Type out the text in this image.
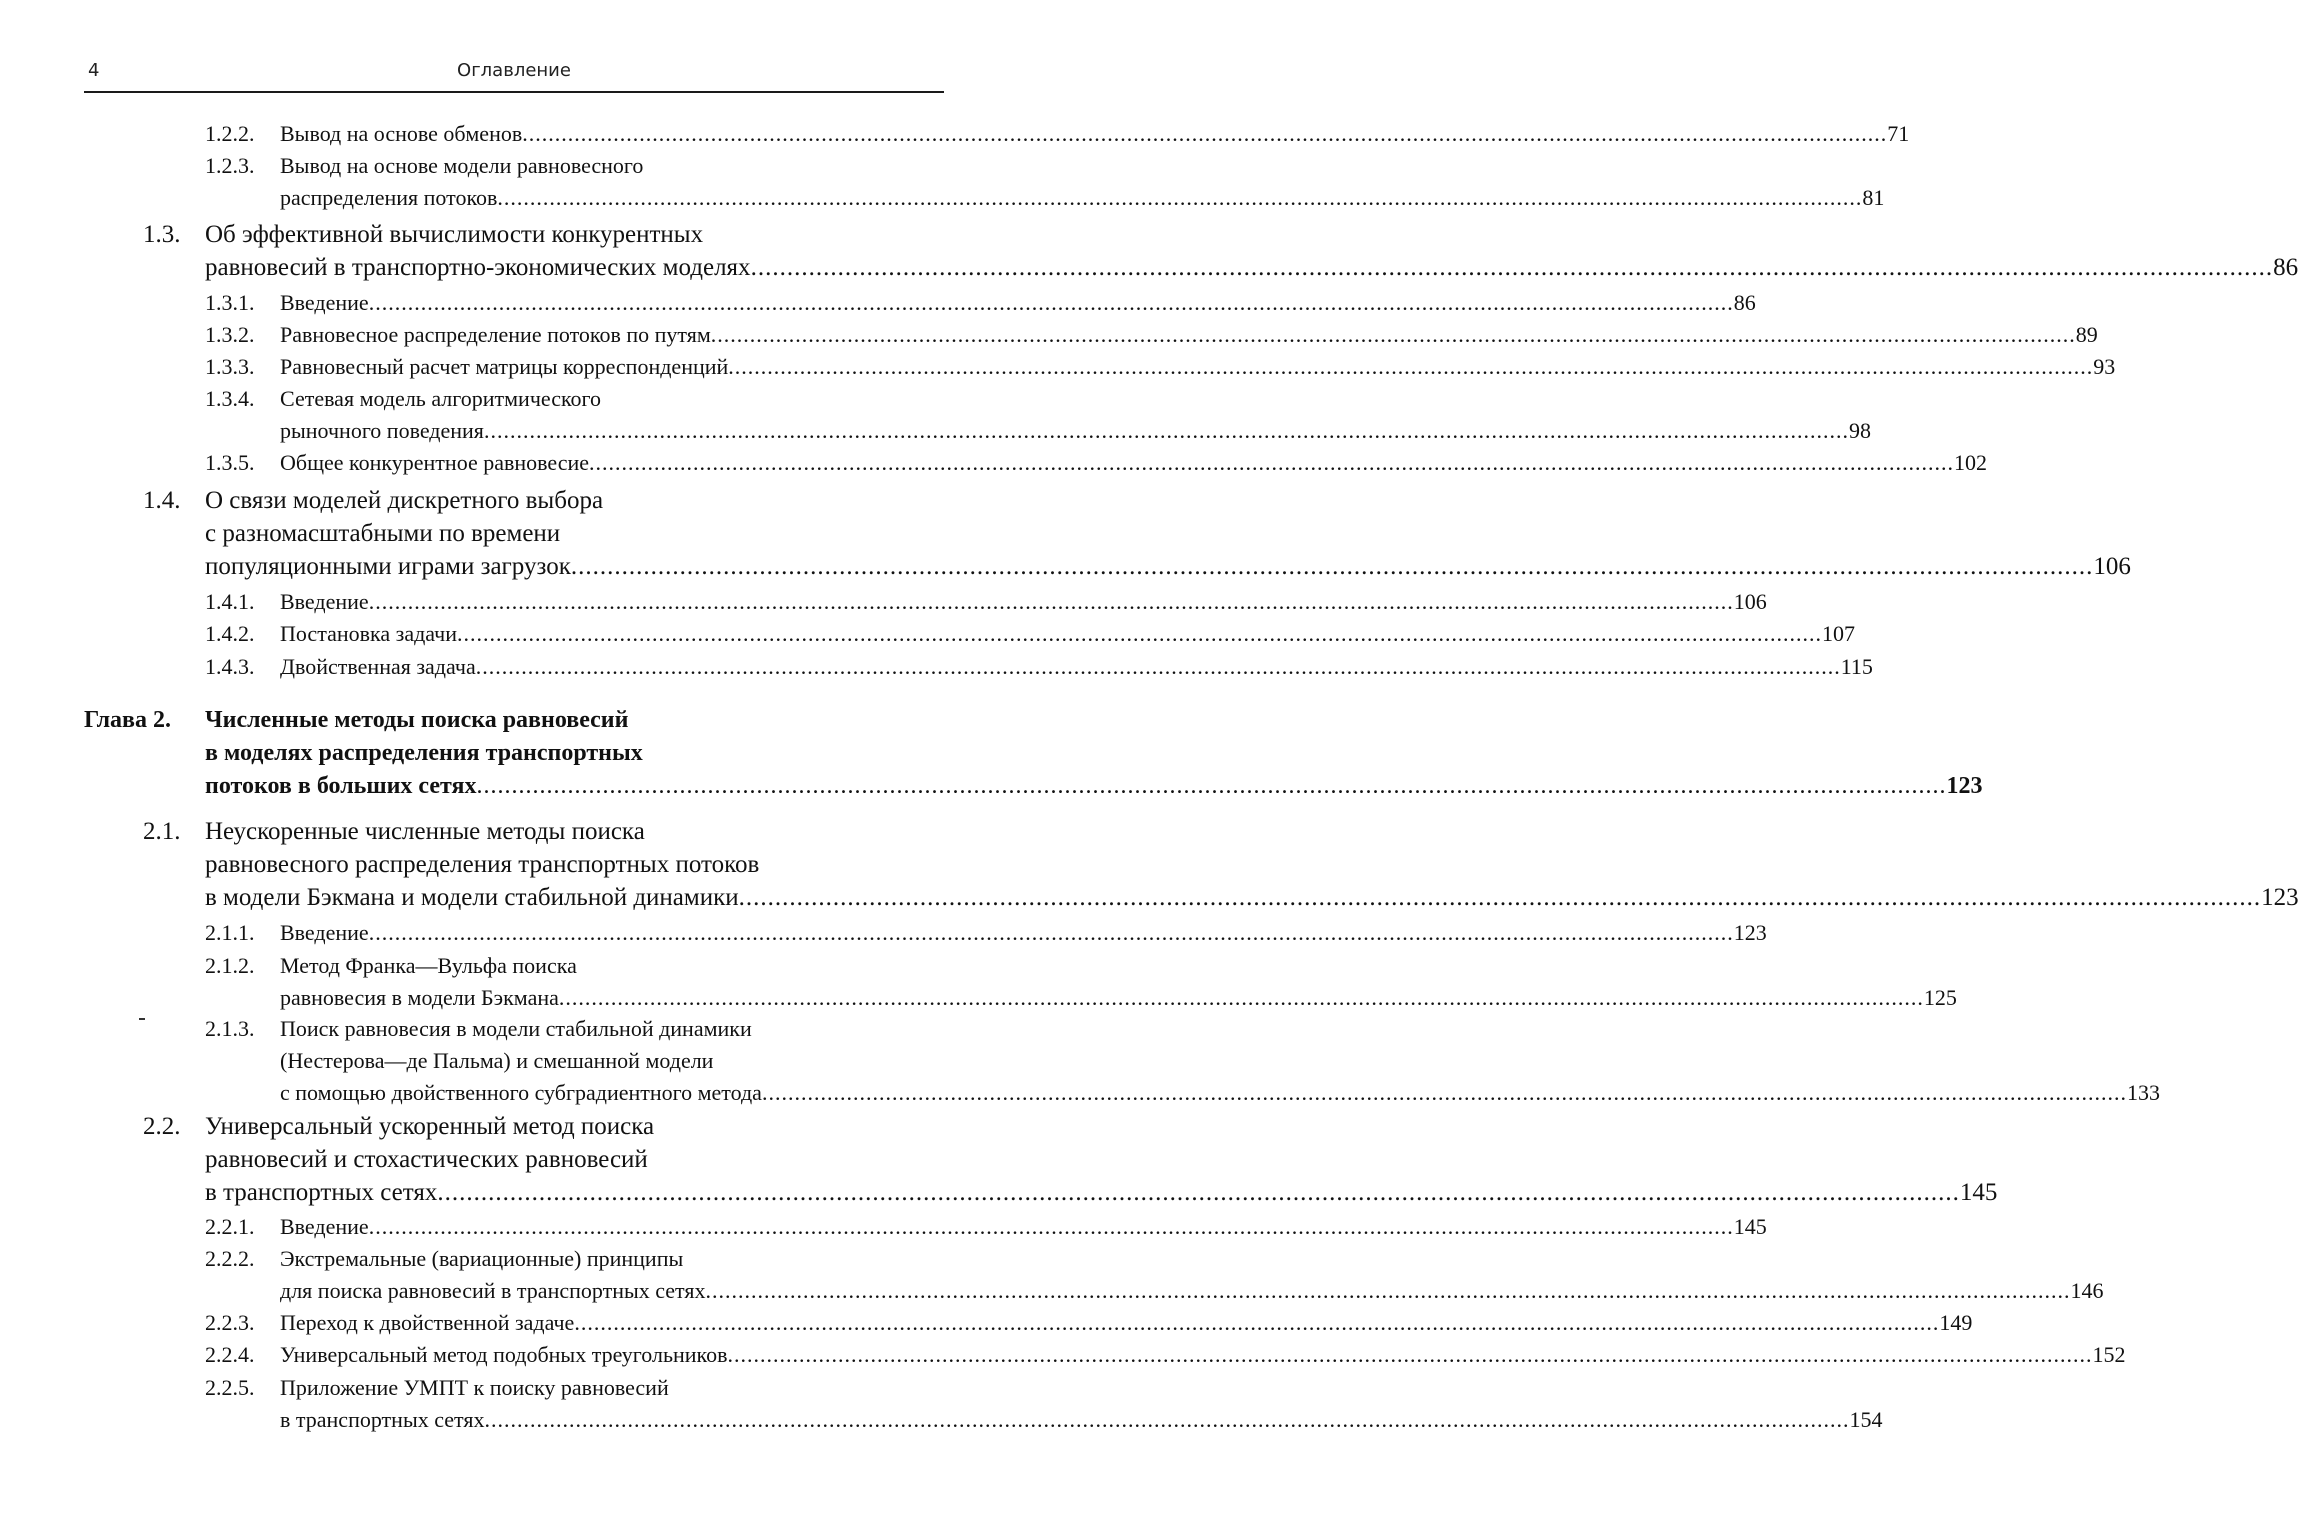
4	Оглавление
1.2.2. Вывод на основе обменов .................................................................................................................................................................................................................. 71
1.2.3. Вывод на основе модели равновесного
распределения потоков .................................................................................................................................................................................................................. 81
1.3. Об эффективной вычислимости конкурентных
равновесий в транспортно-экономических моделях .................................................................................................................................................................................................................. 86
1.3.1. Введение .................................................................................................................................................................................................................. 86
1.3.2. Равновесное распределение потоков по путям .................................................................................................................................................................................................................. 89
1.3.3. Равновесный расчет матрицы корреспонденций .................................................................................................................................................................................................................. 93
1.3.4. Сетевая модель алгоритмического
рыночного поведения .................................................................................................................................................................................................................. 98
1.3.5. Общее конкурентное равновесие .................................................................................................................................................................................................................. 102
1.4. О связи моделей дискретного выбора
с разномасштабными по времени
популяционными играми загрузок .................................................................................................................................................................................................................. 106
1.4.1. Введение .................................................................................................................................................................................................................. 106
1.4.2. Постановка задачи .................................................................................................................................................................................................................. 107
1.4.3. Двойственная задача .................................................................................................................................................................................................................. 115
Глава 2. Численные методы поиска равновесий
в моделях распределения транспортных
потоков в больших сетях .................................................................................................................................................................................................................. 123
2.1. Неускоренные численные методы поиска
равновесного распределения транспортных потоков
в модели Бэкмана и модели стабильной динамики .................................................................................................................................................................................................................. 123
2.1.1. Введение .................................................................................................................................................................................................................. 123
2.1.2. Метод Франка—Вульфа поиска
равновесия в модели Бэкмана .................................................................................................................................................................................................................. 125
2.1.3. Поиск равновесия в модели стабильной динамики
(Нестерова—де Пальма) и смешанной модели
с помощью двойственного субградиентного метода .................................................................................................................................................................................................................. 133
2.2. Универсальный ускоренный метод поиска
равновесий и стохастических равновесий
в транспортных сетях .................................................................................................................................................................................................................. 145
2.2.1. Введение .................................................................................................................................................................................................................. 145
2.2.2. Экстремальные (вариационные) принципы
для поиска равновесий в транспортных сетях .................................................................................................................................................................................................................. 146
2.2.3. Переход к двойственной задаче .................................................................................................................................................................................................................. 149
2.2.4. Универсальный метод подобных треугольников .................................................................................................................................................................................................................. 152
2.2.5. Приложение УМПТ к поиску равновесий
в транспортных сетях .................................................................................................................................................................................................................. 154
